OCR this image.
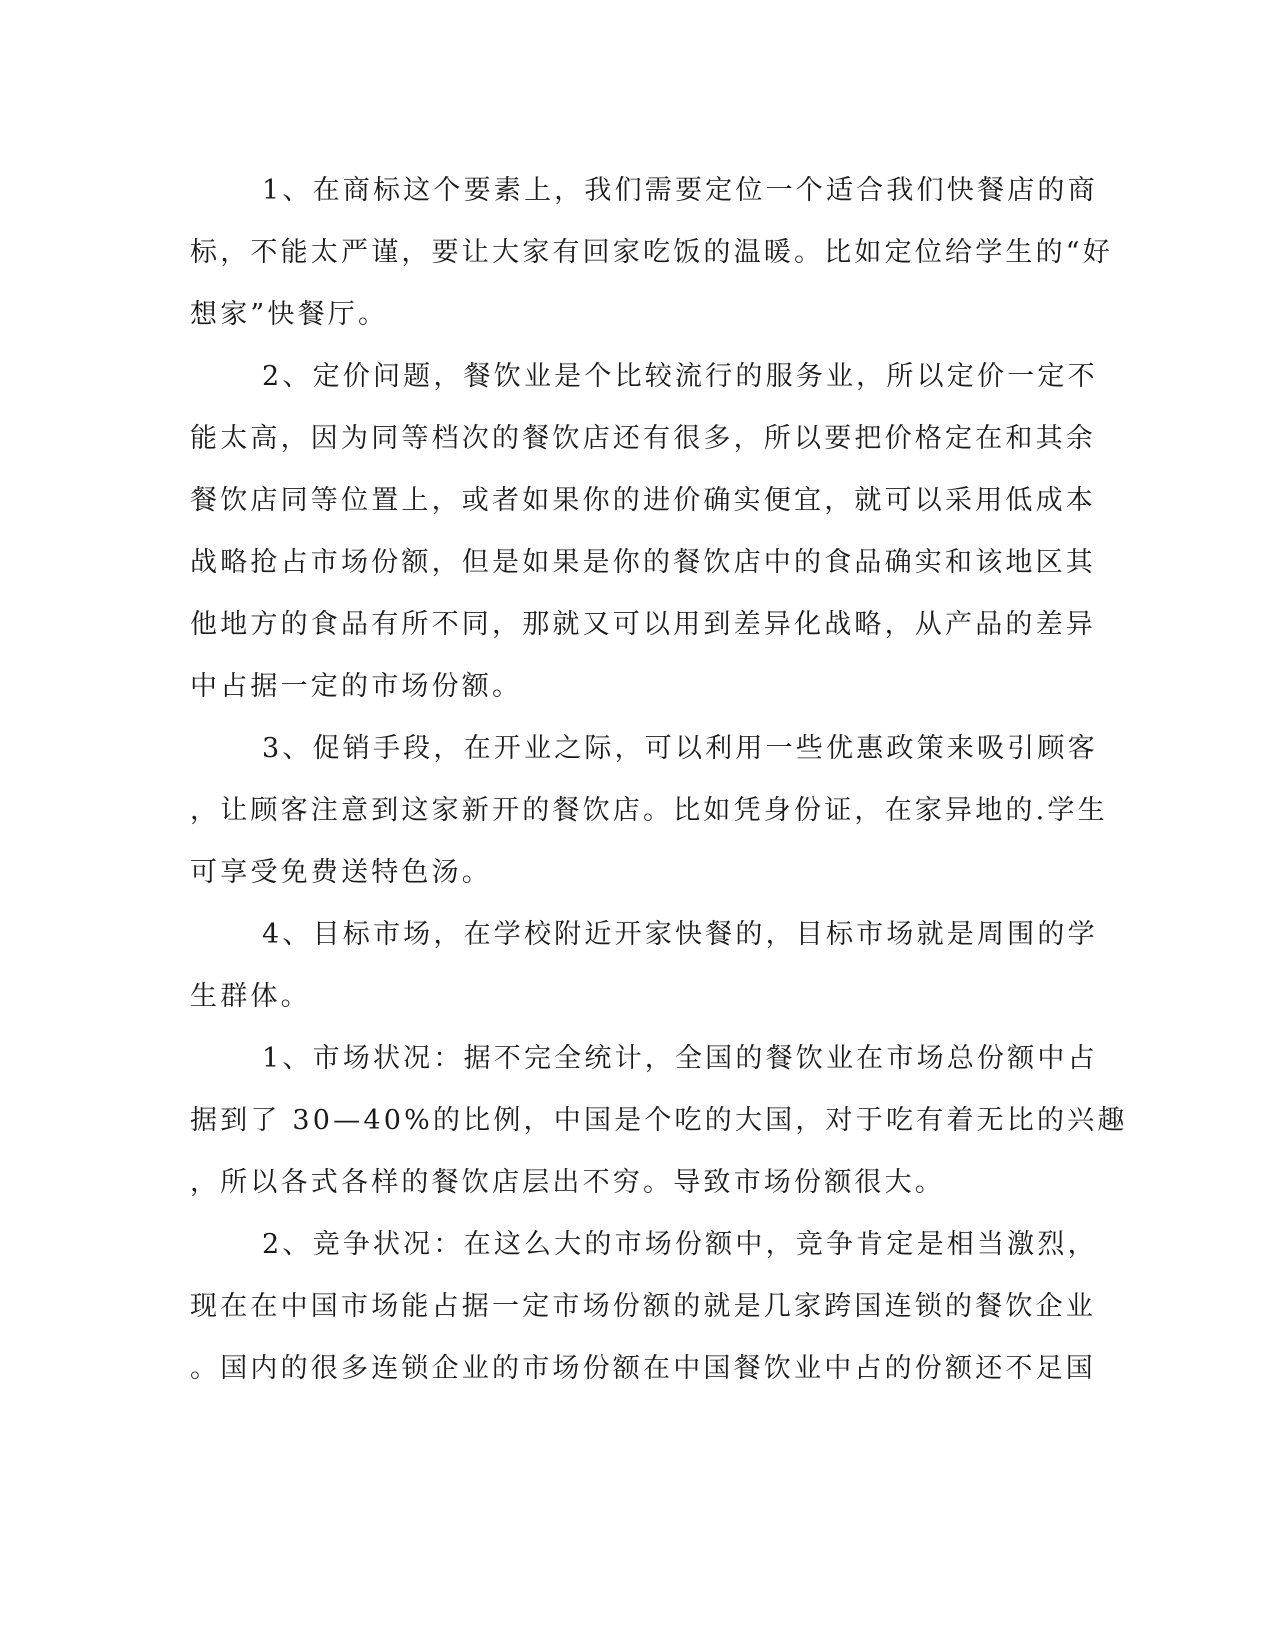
1、在商标这个要素上，我们需要定位一个适合我们快餐店的商
标，不能太严谨，要让大家有回家吃饭的温暖。比如定位给学生的“好
想家”快餐厅。
2、定价问题，餐饮业是个比较流行的服务业，所以定价一定不
能太高，因为同等档次的餐饮店还有很多，所以要把价格定在和其余
餐饮店同等位置上，或者如果你的进价确实便宜，就可以采用低成本
战略抢占市场份额，但是如果是你的餐饮店中的食品确实和该地区其
他地方的食品有所不同，那就又可以用到差异化战略，从产品的差异
中占据一定的市场份额。
3、促销手段，在开业之际，可以利用一些优惠政策来吸引顾客
，让顾客注意到这家新开的餐饮店。比如凭身份证，在家异地的.学生
可享受免费送特色汤。
4、目标市场，在学校附近开家快餐的，目标市场就是周围的学
生群体。
1、市场状况：据不完全统计，全国的餐饮业在市场总份额中占
据到了 30—40%的比例，中国是个吃的大国，对于吃有着无比的兴趣
，所以各式各样的餐饮店层出不穷。导致市场份额很大。
2、竞争状况：在这么大的市场份额中，竞争肯定是相当激烈，
现在在中国市场能占据一定市场份额的就是几家跨国连锁的餐饮企业
。国内的很多连锁企业的市场份额在中国餐饮业中占的份额还不足国
